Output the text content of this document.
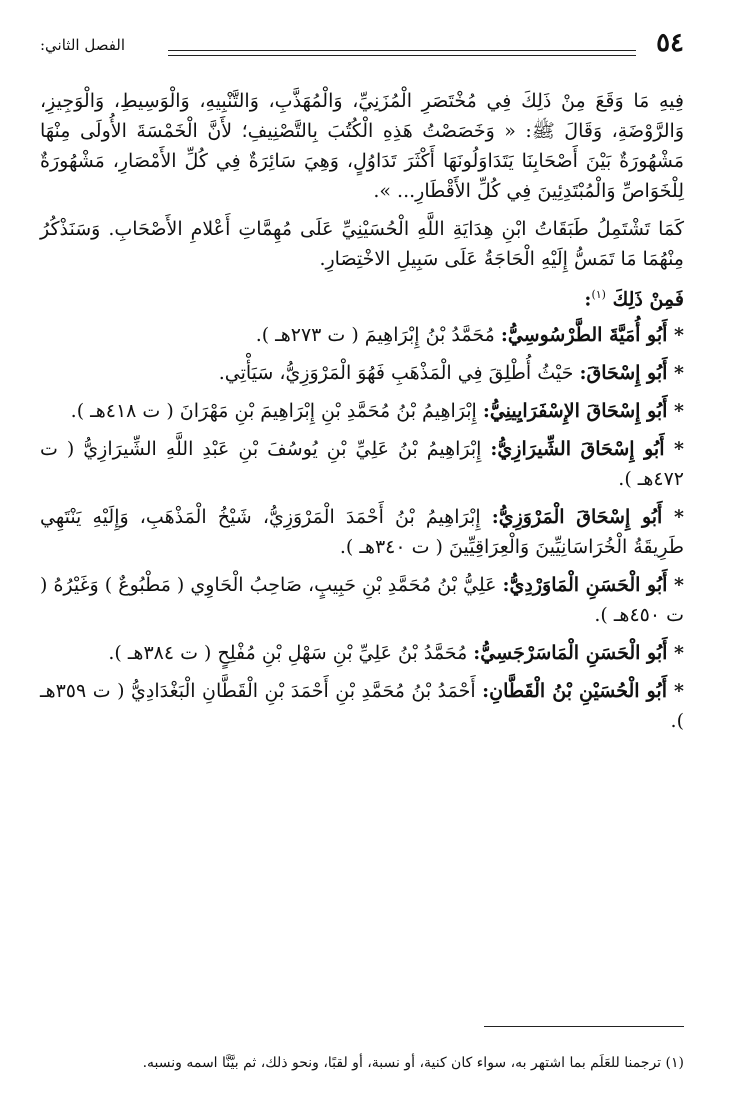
٥٤
الفصل الثاني:

فِيهِ مَا وَقَعَ مِنْ ذَلِكَ فِي مُخْتَصَرِ الْمُزَنِيِّ، وَالْمُهَذَّبِ، وَالتَّنْبِيهِ، وَالْوَسِيطِ، وَالْوَجِيزِ، وَالرَّوْضَةِ، وَقَالَ ﷺ: « وَخَصَصْتُ هَذِهِ الْكُتُبَ بِالتَّصْنِيفِ؛ لأَنَّ الْخَمْسَةَ الأُولَى مِنْهَا مَشْهُورَةٌ بَيْنَ أَصْحَابِنَا يَتَدَاوَلُونَهَا أَكْثَرَ تَدَاوُلٍ، وَهِيَ سَائِرَةٌ فِي كُلِّ الأَمْصَارِ، مَشْهُورَةٌ لِلْخَوَاصِّ وَالْمُبْتَدِئِينَ فِي كُلِّ الأَقْطَارِ... ».

كَمَا تَشْتَمِلُ طَبَقَاتُ ابْنِ هِدَايَةِ اللَّهِ الْحُسَيْنِيِّ عَلَى مُهِمَّاتِ أَعْلامِ الأَصْحَابِ. وَسَنَذْكُرُ مِنْهُمَا مَا تَمَسُّ إِلَيْهِ الْحَاجَةُ عَلَى سَبِيلِ الاخْتِصَارِ.

فَمِنْ ذَلِكَ $^{(١)}$:

* أَبُو أُمَيَّةَ الطَّرْسُوسِيُّ: مُحَمَّدُ بْنُ إِبْرَاهِيمَ ( ت ٢٧٣هـ ).

* أَبُو إِسْحَاقَ: حَيْثُ أُطْلِقَ فِي الْمَذْهَبِ فَهُوَ الْمَرْوَزِيُّ، سَيَأْتِي.

* أَبُو إِسْحَاقَ الإِسْفَرَايِينِيُّ: إِبْرَاهِيمُ بْنُ مُحَمَّدِ بْنِ إِبْرَاهِيمَ بْنِ مَهْرَانَ ( ت ٤١٨هـ ).

* أَبُو إِسْحَاقَ الشِّيرَازِيُّ: إِبْرَاهِيمُ بْنُ عَلِيِّ بْنِ يُوسُفَ بْنِ عَبْدِ اللَّهِ الشِّيرَازِيُّ ( ت ٤٧٢هـ ).

* أَبُو إِسْحَاقَ الْمَرْوَزِيُّ: إِبْرَاهِيمُ بْنُ أَحْمَدَ الْمَرْوَزِيُّ، شَيْخُ الْمَذْهَبِ، وَإِلَيْهِ يَنْتَهِي طَرِيقَةُ الْخُرَاسَانِيِّينَ وَالْعِرَاقِيِّينَ ( ت ٣٤٠هـ ).

* أَبُو الْحَسَنِ الْمَاوَرْدِيُّ: عَلِيُّ بْنُ مُحَمَّدِ بْنِ حَبِيبٍ، صَاحِبُ الْحَاوِي ( مَطْبُوعٌ ) وَغَيْرُهُ ( ت ٤٥٠هـ ).

* أَبُو الْحَسَنِ الْمَاسَرْجَسِيُّ: مُحَمَّدُ بْنُ عَلِيِّ بْنِ سَهْلِ بْنِ مُفْلِحٍ ( ت ٣٨٤هـ ).

* أَبُو الْحُسَيْنِ بْنُ الْقَطَّانِ: أَحْمَدُ بْنُ مُحَمَّدِ بْنِ أَحْمَدَ بْنِ الْقَطَّانِ الْبَغْدَادِيُّ ( ت ٣٥٩هـ ).

(١) ترجمنا للعَلَم بما اشتهر به، سواء كان كنية، أو نسبة، أو لقبًا، ونحو ذلك، ثم بيَّنَّا اسمه ونسبه.
